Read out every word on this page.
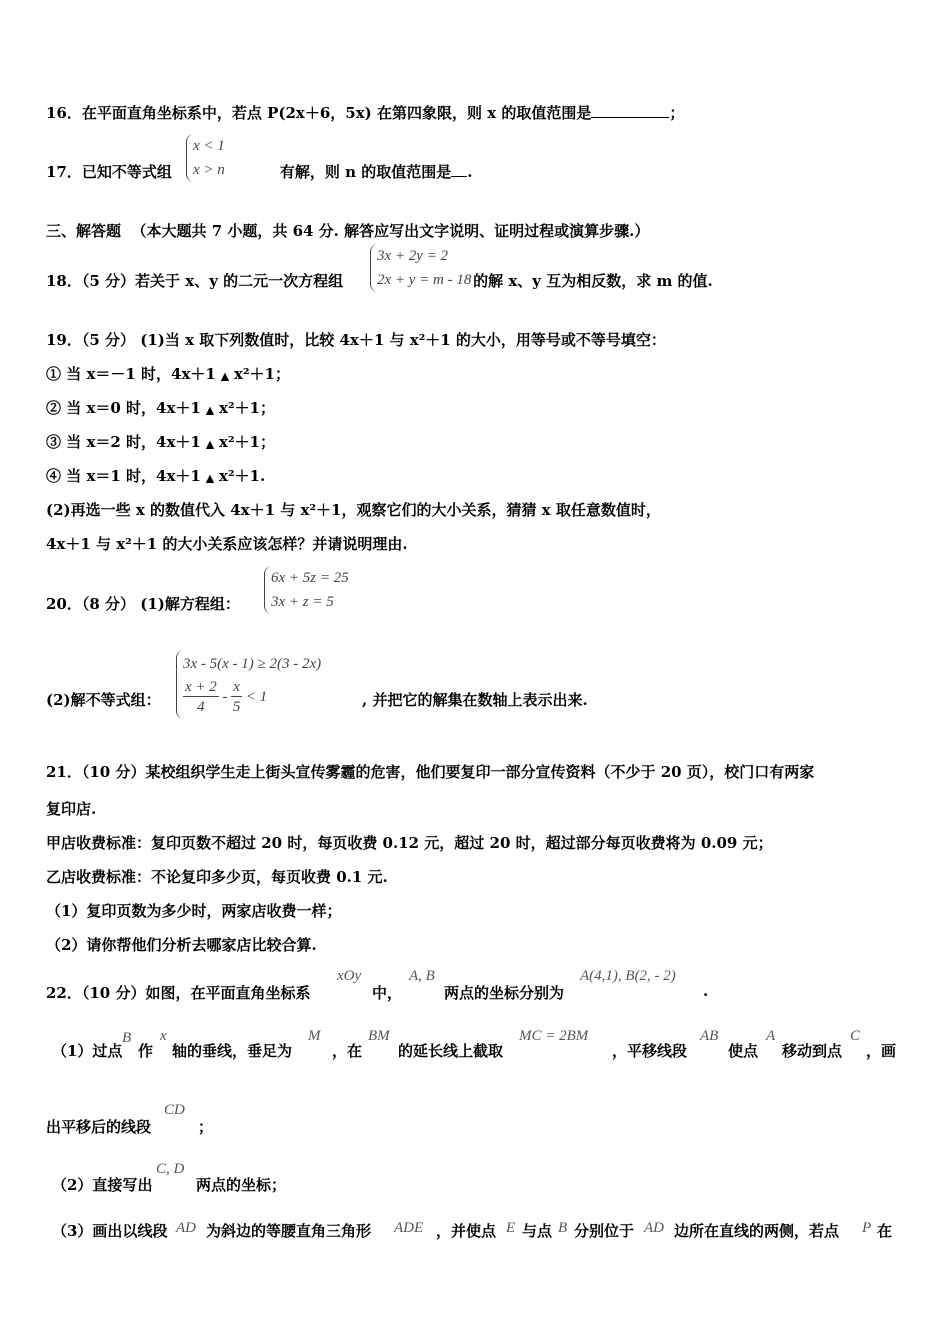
16．在平面直角坐标系中，若点 P(2x＋6，5x) 在第四象限，则 x 的取值范围是	；
17．已知不等式组	有解，则 n 的取值范围是 .
x < 1
x > n
三、解答题 （本大题共 7 小题，共 64 分. 解答应写出文字说明、证明过程或演算步骤.）
18．（5 分）若关于 x、y 的二元一次方程组	的解 x、y 互为相反数，求 m 的值.
3x + 2y = 2
2x + y = m - 18
19．（5 分） (1)当 x 取下列数值时，比较 4x＋1 与 x²＋1 的大小，用等号或不等号填空：
① 当 x＝－1 时，4x＋1 ▲ x²＋1；
② 当 x＝0 时，4x＋1 ▲ x²＋1；
③ 当 x＝2 时，4x＋1 ▲ x²＋1；
④ 当 x＝1 时，4x＋1 ▲ x²＋1.
(2)再选一些 x 的数值代入 4x＋1 与 x²＋1，观察它们的大小关系，猜猜 x 取任意数值时，
4x＋1 与 x²＋1 的大小关系应该怎样？并请说明理由.
20．（8 分） (1)解方程组：
6x + 5z = 25
3x + z = 5
(2)解不等式组：
3x - 5(x - 1) ≥ 2(3 - 2x)
$\frac{x + 2}{4} - \frac{x}{5} < 1$	, 并把它的解集在数轴上表示出来.
21．（10 分）某校组织学生走上街头宣传雾霾的危害，他们要复印一部分宣传资料（不少于 20 页），校门口有两家
复印店.
甲店收费标准：复印页数不超过 20 时，每页收费 0.12 元，超过 20 时，超过部分每页收费将为 0.09 元；
乙店收费标准：不论复印多少页，每页收费 0.1 元.
（1）复印页数为多少时，两家店收费一样；
（2）请你帮他们分析去哪家店比较合算.
22．（10 分）如图，在平面直角坐标系
xOy
中，
A, B
两点的坐标分别为
A(4,1), B(2, - 2)
.
（1）过点
B
作
x
轴的垂线，垂足为
M
，在
BM
的延长线上截取
MC = 2BM
，平移线段
AB
使点
A
移动到点
C
，画
出平移后的线段
CD
；
（2）直接写出
C, D
两点的坐标；
（3）画出以线段 AD 为斜边的等腰直角三角形 ADE ，并使点 E 与点 B 分别位于 AD 边所在直线的两侧，若点 P 在
